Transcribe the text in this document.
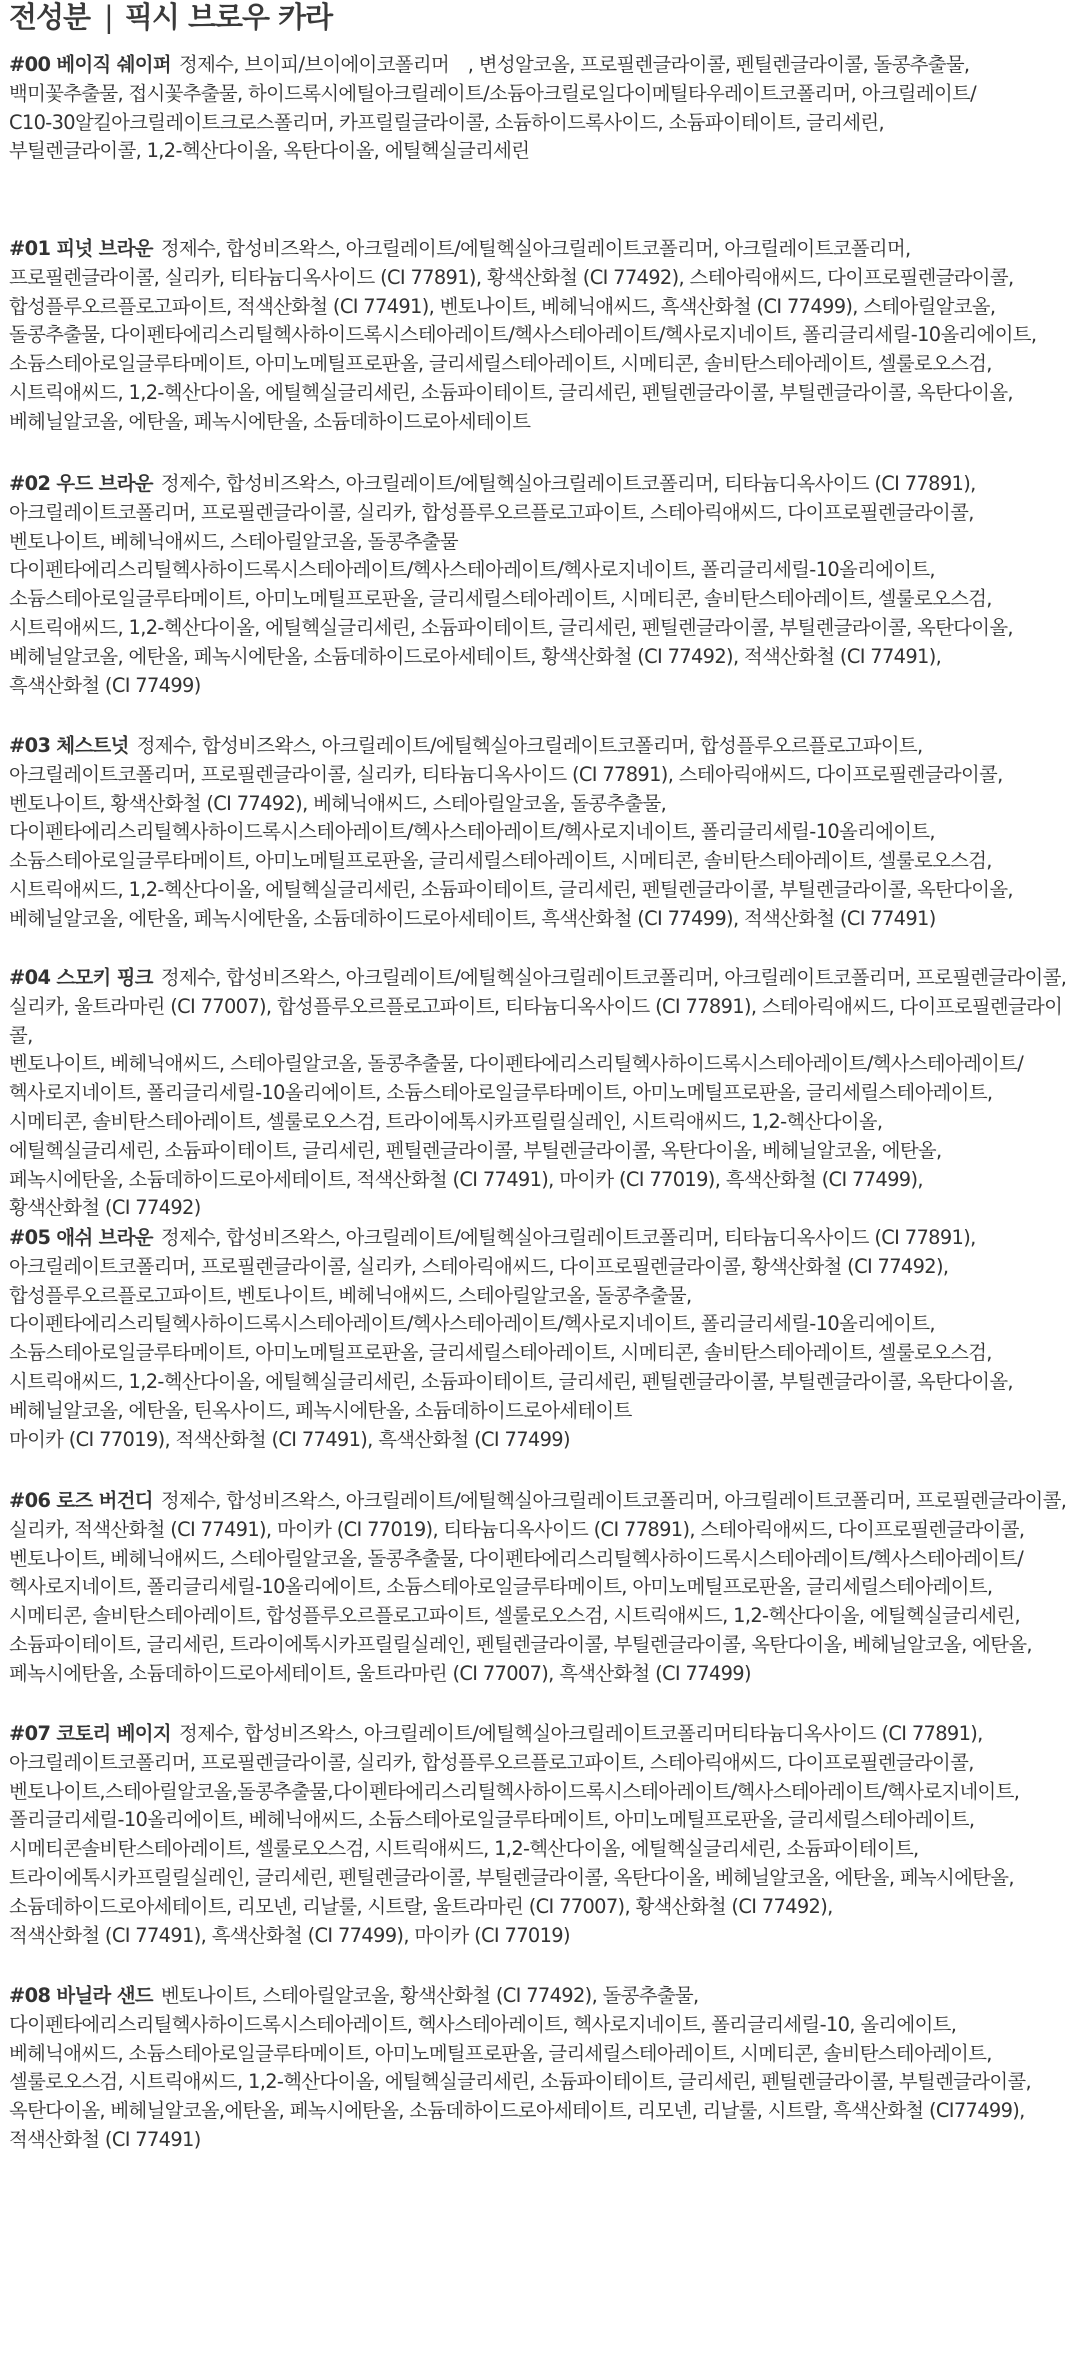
전성분 | 픽시 브로우 카라
#00 베이직 쉐이퍼 정제수, 브이피/브이에이코폴리머　, 변성알코올, 프로필렌글라이콜, 펜틸렌글라이콜, 돌콩추출물,
백미꽃추출물, 접시꽃추출물, 하이드록시에틸아크릴레이트/소듐아크릴로일다이메틸타우레이트코폴리머, 아크릴레이트/
C10-30알킬아크릴레이트크로스폴리머, 카프릴릴글라이콜, 소듐하이드록사이드, 소듐파이테이트, 글리세린,
부틸렌글라이콜, 1,2-헥산다이올, 옥탄다이올, 에틸헥실글리세린
#01 피넛 브라운 정제수, 합성비즈왁스, 아크릴레이트/에틸헥실아크릴레이트코폴리머, 아크릴레이트코폴리머,
프로필렌글라이콜, 실리카, 티타늄디옥사이드 (CI 77891), 황색산화철 (CI 77492), 스테아릭애씨드, 다이프로필렌글라이콜,
합성플루오르플로고파이트, 적색산화철 (CI 77491), 벤토나이트, 베헤닉애씨드, 흑색산화철 (CI 77499), 스테아릴알코올,
돌콩추출물, 다이펜타에리스리틸헥사하이드록시스테아레이트/헥사스테아레이트/헥사로지네이트, 폴리글리세릴-10올리에이트,
소듐스테아로일글루타메이트, 아미노메틸프로판올, 글리세릴스테아레이트, 시메티콘, 솔비탄스테아레이트, 셀룰로오스검,
시트릭애씨드, 1,2-헥산다이올, 에틸헥실글리세린, 소듐파이테이트, 글리세린, 펜틸렌글라이콜, 부틸렌글라이콜, 옥탄다이올,
베헤닐알코올, 에탄올, 페녹시에탄올, 소듐데하이드로아세테이트
#02 우드 브라운 정제수, 합성비즈왁스, 아크릴레이트/에틸헥실아크릴레이트코폴리머, 티타늄디옥사이드 (CI 77891),
아크릴레이트코폴리머, 프로필렌글라이콜, 실리카, 합성플루오르플로고파이트, 스테아릭애씨드, 다이프로필렌글라이콜,
벤토나이트, 베헤닉애씨드, 스테아릴알코올, 돌콩추출물
다이펜타에리스리틸헥사하이드록시스테아레이트/헥사스테아레이트/헥사로지네이트, 폴리글리세릴-10올리에이트,
소듐스테아로일글루타메이트, 아미노메틸프로판올, 글리세릴스테아레이트, 시메티콘, 솔비탄스테아레이트, 셀룰로오스검,
시트릭애씨드, 1,2-헥산다이올, 에틸헥실글리세린, 소듐파이테이트, 글리세린, 펜틸렌글라이콜, 부틸렌글라이콜, 옥탄다이올,
베헤닐알코올, 에탄올, 페녹시에탄올, 소듐데하이드로아세테이트, 황색산화철 (CI 77492), 적색산화철 (CI 77491),
흑색산화철 (CI 77499)
#03 체스트넛 정제수, 합성비즈왁스, 아크릴레이트/에틸헥실아크릴레이트코폴리머, 합성플루오르플로고파이트,
아크릴레이트코폴리머, 프로필렌글라이콜, 실리카, 티타늄디옥사이드 (CI 77891), 스테아릭애씨드, 다이프로필렌글라이콜,
벤토나이트, 황색산화철 (CI 77492), 베헤닉애씨드, 스테아릴알코올, 돌콩추출물,
다이펜타에리스리틸헥사하이드록시스테아레이트/헥사스테아레이트/헥사로지네이트, 폴리글리세릴-10올리에이트,
소듐스테아로일글루타메이트, 아미노메틸프로판올, 글리세릴스테아레이트, 시메티콘, 솔비탄스테아레이트, 셀룰로오스검,
시트릭애씨드, 1,2-헥산다이올, 에틸헥실글리세린, 소듐파이테이트, 글리세린, 펜틸렌글라이콜, 부틸렌글라이콜, 옥탄다이올,
베헤닐알코올, 에탄올, 페녹시에탄올, 소듐데하이드로아세테이트, 흑색산화철 (CI 77499), 적색산화철 (CI 77491)
#04 스모키 핑크 정제수, 합성비즈왁스, 아크릴레이트/에틸헥실아크릴레이트코폴리머, 아크릴레이트코폴리머, 프로필렌글라이콜,
실리카, 울트라마린 (CI 77007), 합성플루오르플로고파이트, 티타늄디옥사이드 (CI 77891), 스테아릭애씨드, 다이프로필렌글라이콜,
벤토나이트, 베헤닉애씨드, 스테아릴알코올, 돌콩추출물, 다이펜타에리스리틸헥사하이드록시스테아레이트/헥사스테아레이트/
헥사로지네이트, 폴리글리세릴-10올리에이트, 소듐스테아로일글루타메이트, 아미노메틸프로판올, 글리세릴스테아레이트,
시메티콘, 솔비탄스테아레이트, 셀룰로오스검, 트라이에톡시카프릴릴실레인, 시트릭애씨드, 1,2-헥산다이올,
에틸헥실글리세린, 소듐파이테이트, 글리세린, 펜틸렌글라이콜, 부틸렌글라이콜, 옥탄다이올, 베헤닐알코올, 에탄올,
페녹시에탄올, 소듐데하이드로아세테이트, 적색산화철 (CI 77491), 마이카 (CI 77019), 흑색산화철 (CI 77499),
황색산화철 (CI 77492)
#05 애쉬 브라운 정제수, 합성비즈왁스, 아크릴레이트/에틸헥실아크릴레이트코폴리머, 티타늄디옥사이드 (CI 77891),
아크릴레이트코폴리머, 프로필렌글라이콜, 실리카, 스테아릭애씨드, 다이프로필렌글라이콜, 황색산화철 (CI 77492),
합성플루오르플로고파이트, 벤토나이트, 베헤닉애씨드, 스테아릴알코올, 돌콩추출물,
다이펜타에리스리틸헥사하이드록시스테아레이트/헥사스테아레이트/헥사로지네이트, 폴리글리세릴-10올리에이트,
소듐스테아로일글루타메이트, 아미노메틸프로판올, 글리세릴스테아레이트, 시메티콘, 솔비탄스테아레이트, 셀룰로오스검,
시트릭애씨드, 1,2-헥산다이올, 에틸헥실글리세린, 소듐파이테이트, 글리세린, 펜틸렌글라이콜, 부틸렌글라이콜, 옥탄다이올,
베헤닐알코올, 에탄올, 틴옥사이드, 페녹시에탄올, 소듐데하이드로아세테이트
마이카 (CI 77019), 적색산화철 (CI 77491), 흑색산화철 (CI 77499)
#06 로즈 버건디 정제수, 합성비즈왁스, 아크릴레이트/에틸헥실아크릴레이트코폴리머, 아크릴레이트코폴리머, 프로필렌글라이콜,
실리카, 적색산화철 (CI 77491), 마이카 (CI 77019), 티타늄디옥사이드 (CI 77891), 스테아릭애씨드, 다이프로필렌글라이콜,
벤토나이트, 베헤닉애씨드, 스테아릴알코올, 돌콩추출물, 다이펜타에리스리틸헥사하이드록시스테아레이트/헥사스테아레이트/
헥사로지네이트, 폴리글리세릴-10올리에이트, 소듐스테아로일글루타메이트, 아미노메틸프로판올, 글리세릴스테아레이트,
시메티콘, 솔비탄스테아레이트, 합성플루오르플로고파이트, 셀룰로오스검, 시트릭애씨드, 1,2-헥산다이올, 에틸헥실글리세린,
소듐파이테이트, 글리세린, 트라이에톡시카프릴릴실레인, 펜틸렌글라이콜, 부틸렌글라이콜, 옥탄다이올, 베헤닐알코올, 에탄올,
페녹시에탄올, 소듐데하이드로아세테이트, 울트라마린 (CI 77007), 흑색산화철 (CI 77499)
#07 코토리 베이지 정제수, 합성비즈왁스, 아크릴레이트/에틸헥실아크릴레이트코폴리머티타늄디옥사이드 (CI 77891),
아크릴레이트코폴리머, 프로필렌글라이콜, 실리카, 합성플루오르플로고파이트, 스테아릭애씨드, 다이프로필렌글라이콜,
벤토나이트,스테아릴알코올,돌콩추출물,다이펜타에리스리틸헥사하이드록시스테아레이트/헥사스테아레이트/헥사로지네이트,
폴리글리세릴-10올리에이트, 베헤닉애씨드, 소듐스테아로일글루타메이트, 아미노메틸프로판올, 글리세릴스테아레이트,
시메티콘솔비탄스테아레이트, 셀룰로오스검, 시트릭애씨드, 1,2-헥산다이올, 에틸헥실글리세린, 소듐파이테이트,
트라이에톡시카프릴릴실레인, 글리세린, 펜틸렌글라이콜, 부틸렌글라이콜, 옥탄다이올, 베헤닐알코올, 에탄올, 페녹시에탄올,
소듐데하이드로아세테이트, 리모넨, 리날룰, 시트랄, 울트라마린 (CI 77007), 황색산화철 (CI 77492),
적색산화철 (CI 77491), 흑색산화철 (CI 77499), 마이카 (CI 77019)
#08 바닐라 샌드 벤토나이트, 스테아릴알코올, 황색산화철 (CI 77492), 돌콩추출물,
다이펜타에리스리틸헥사하이드록시스테아레이트, 헥사스테아레이트, 헥사로지네이트, 폴리글리세릴-10, 올리에이트,
베헤닉애씨드, 소듐스테아로일글루타메이트, 아미노메틸프로판올, 글리세릴스테아레이트, 시메티콘, 솔비탄스테아레이트,
셀룰로오스검, 시트릭애씨드, 1,2-헥산다이올, 에틸헥실글리세린, 소듐파이테이트, 글리세린, 펜틸렌글라이콜, 부틸렌글라이콜,
옥탄다이올, 베헤닐알코올,에탄올, 페녹시에탄올, 소듐데하이드로아세테이트, 리모넨, 리날룰, 시트랄, 흑색산화철 (CI77499),
적색산화철 (CI 77491)
